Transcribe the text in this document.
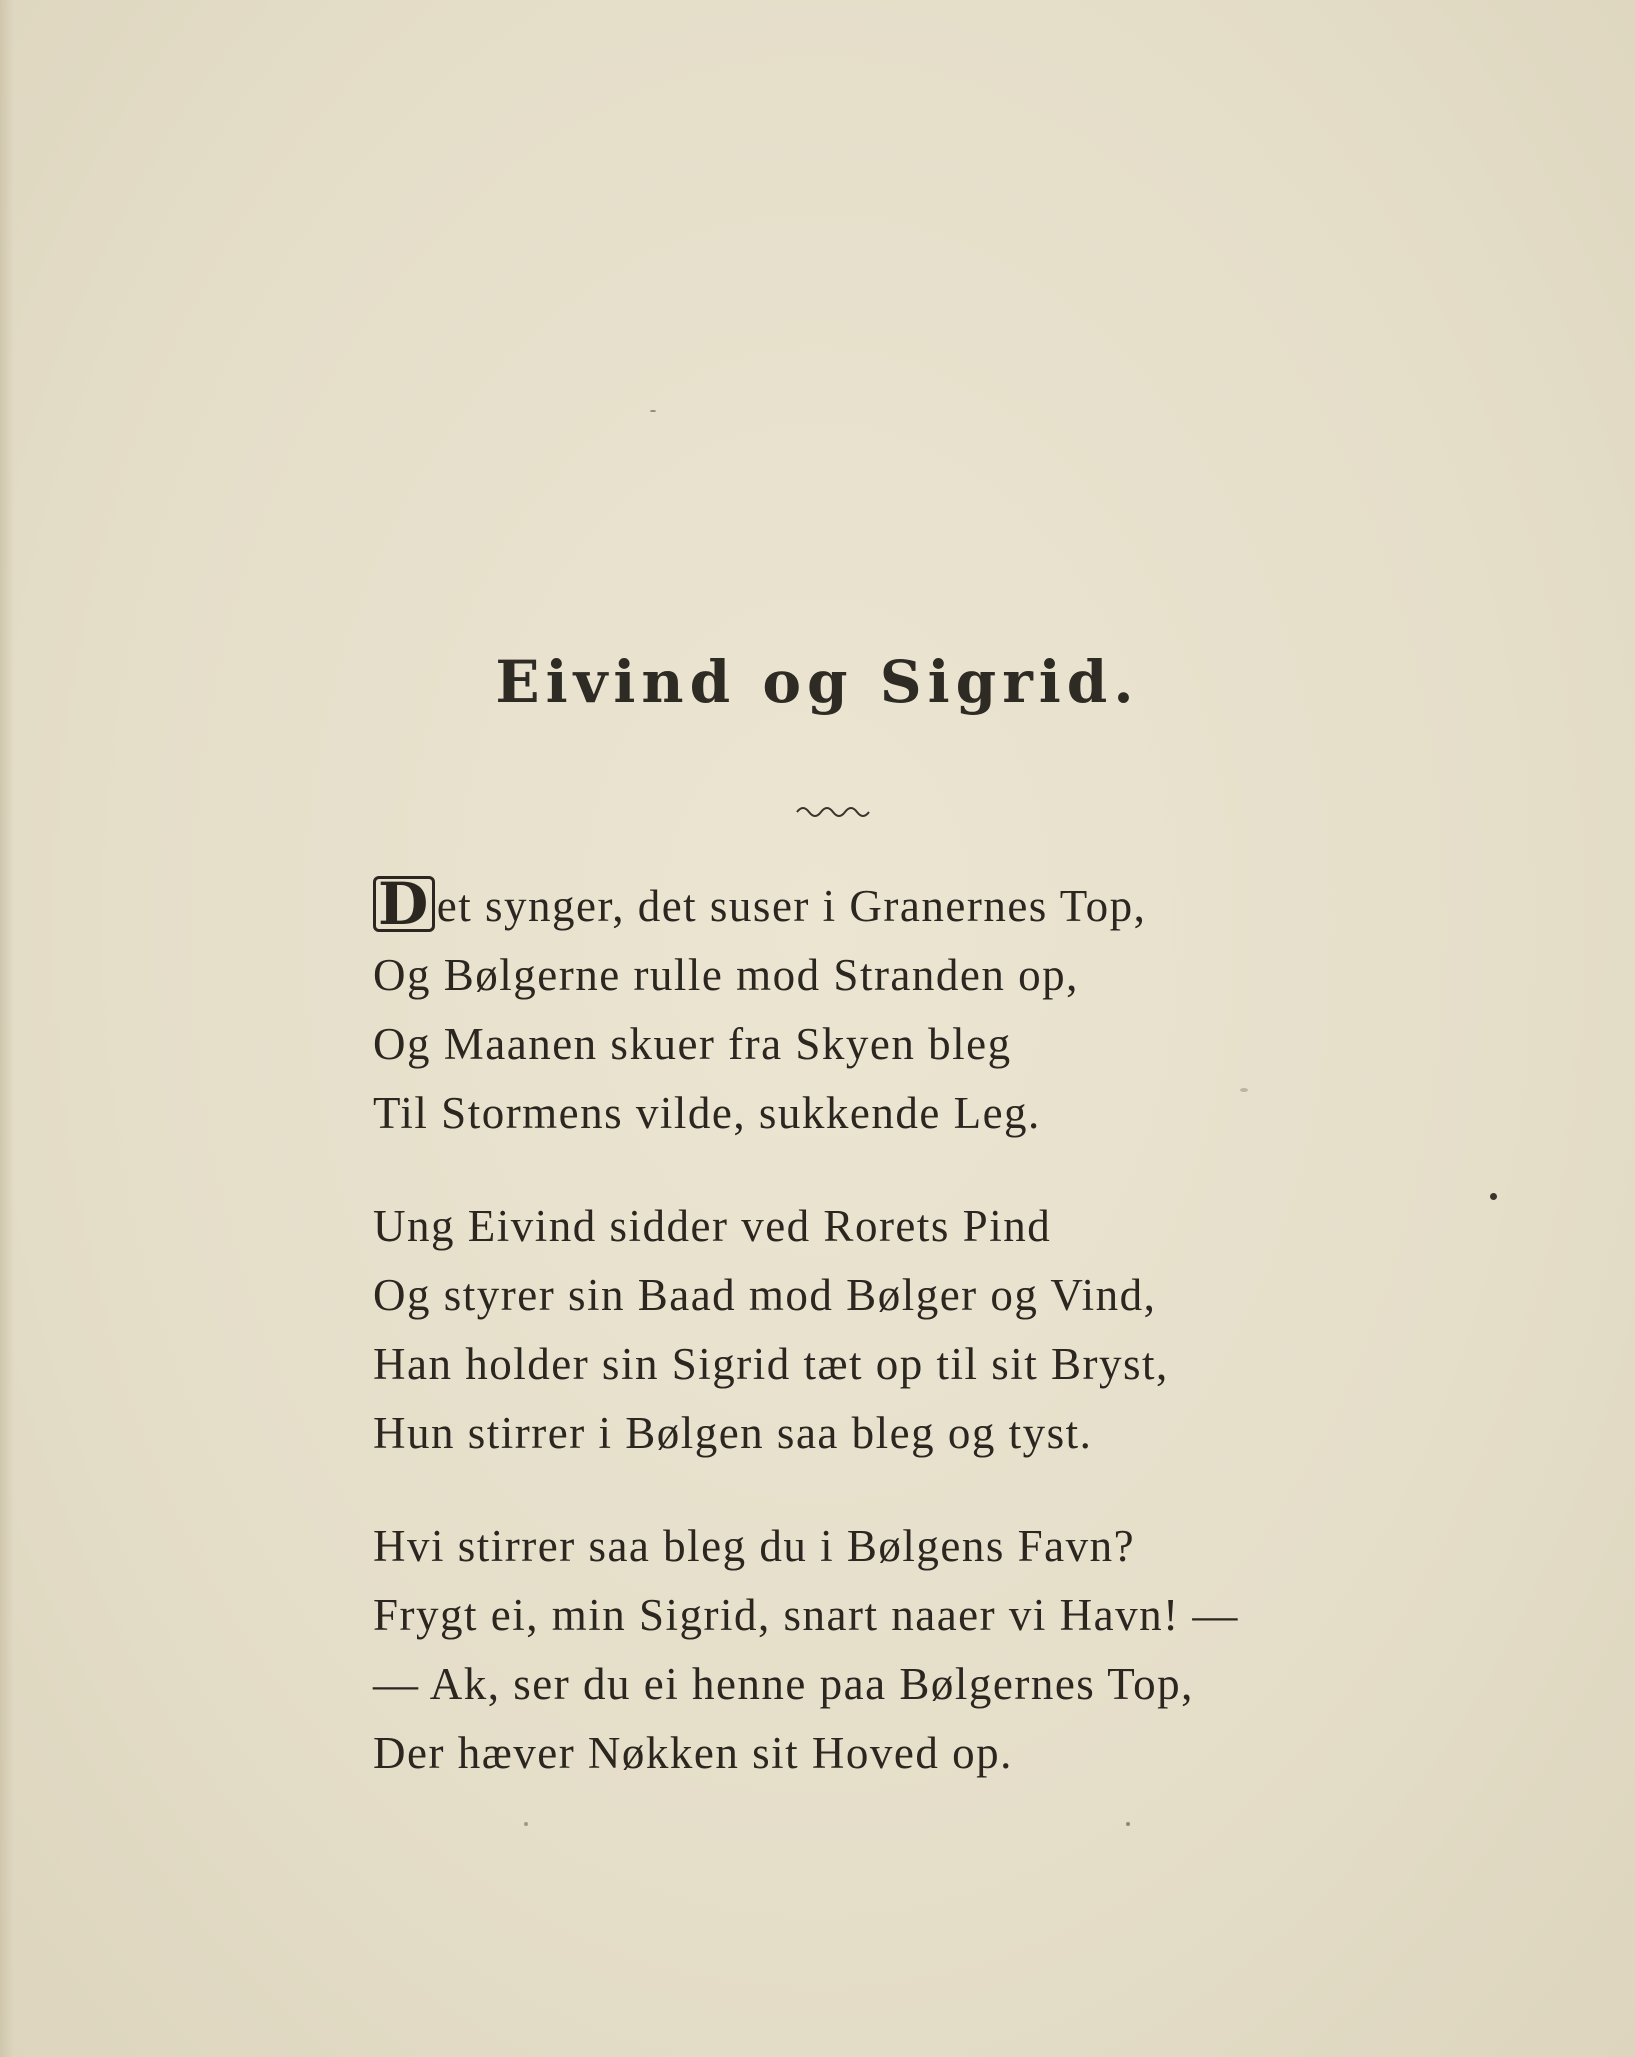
Eivind og Sigrid.
D et synger, det suser i Granernes Top,
Og Bølgerne rulle mod Stranden op,
Og Maanen skuer fra Skyen bleg
Til Stormens vilde, sukkende Leg.
Ung Eivind sidder ved Rorets Pind
Og styrer sin Baad mod Bølger og Vind,
Han holder sin Sigrid tæt op til sit Bryst,
Hun stirrer i Bølgen saa bleg og tyst.
Hvi stirrer saa bleg du i Bølgens Favn?
Frygt ei, min Sigrid, snart naaer vi Havn! —
— Ak, ser du ei henne paa Bølgernes Top,
Der hæver Nøkken sit Hoved op.
